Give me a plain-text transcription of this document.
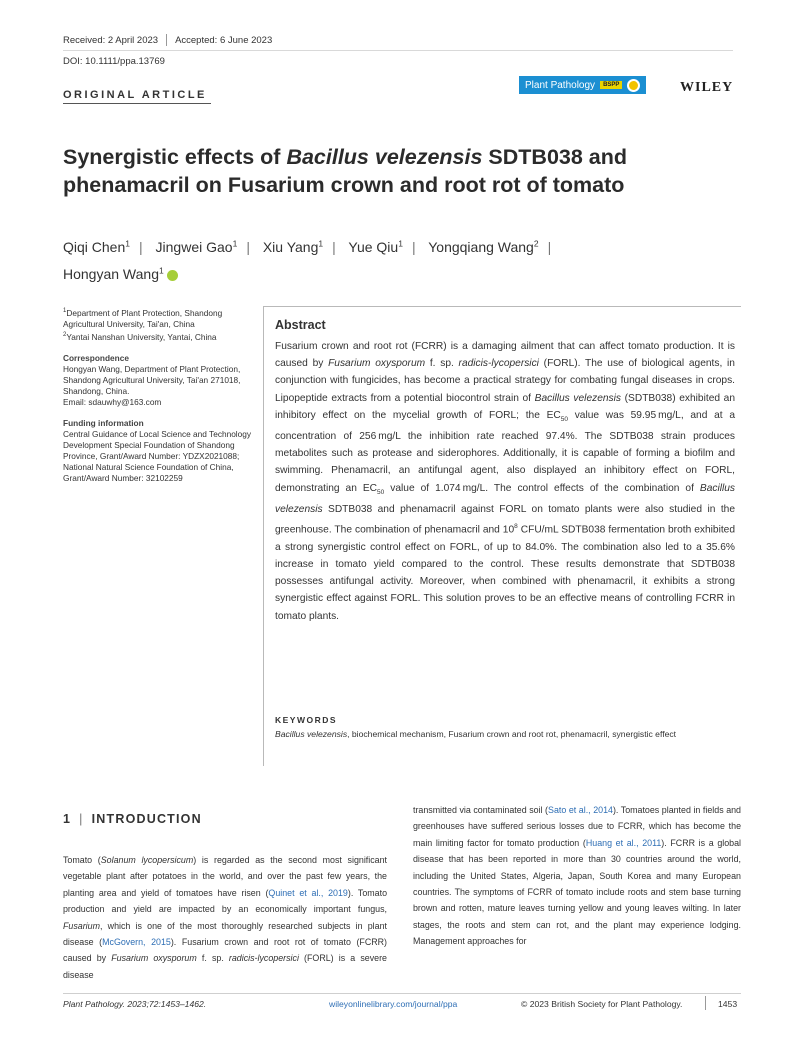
Received: 2 April 2023 Accepted: 6 June 2023
DOI: 10.1111/ppa.13769
ORIGINAL ARTICLE
Plant Pathology	BSPP	WILEY
Synergistic effects of Bacillus velezensis SDTB038 and phenamacril on Fusarium crown and root rot of tomato
Qiqi Chen$^1$ | Jingwei Gao$^1$ | Xiu Yang$^1$ | Yue Qiu$^1$ | Yongqiang Wang$^2$ |
Hongyan Wang$^1$

$^1$Department of Plant Protection, Shandong Agricultural University, Tai'an, China

$^2$Yantai Nanshan University, Yantai, China

Correspondence

Hongyan Wang, Department of Plant Protection, Shandong Agricultural University, Tai'an 271018, Shandong, China.

Email: sdauwhy@163.com

Funding information

Central Guidance of Local Science and Technology Development Special Foundation of Shandong Province, Grant/Award Number: YDZX2021088; National Natural Science Foundation of China, Grant/Award Number: 32102259

Abstract

Fusarium crown and root rot (FCRR) is a damaging ailment that can affect tomato production. It is caused by Fusarium oxysporum f. sp. radicis-lycopersici (FORL). The use of biological agents, in conjunction with fungicides, has become a practical strategy for combating fungal diseases in crops. Lipopeptide extracts from a potential biocontrol strain of Bacillus velezensis (SDTB038) exhibited an inhibitory effect on the mycelial growth of FORL; the $EC_{50}$ value was 59.95 mg/L, and at a concentration of 256 mg/L the inhibition rate reached 97.4%. The SDTB038 strain produces metabolites such as protease and siderophores. Additionally, it is capable of forming a biofilm and swimming. Phenamacril, an antifungal agent, also displayed an inhibitory effect on FORL, demonstrating an $EC_{50}$ value of 1.074 mg/L. The control effects of the combination of Bacillus velezensis SDTB038 and phenamacril against FORL on tomato plants were also studied in the greenhouse. The combination of phenamacril and $10^8$ CFU/mL SDTB038 fermentation broth exhibited a strong synergistic control effect on FORL, of up to 84.0%. The combination also led to a 35.6% increase in tomato yield compared to the control. These results demonstrate that SDTB038 possesses antifungal activity. Moreover, when combined with phenamacril, it exhibits a strong synergistic effect against FORL. This solution proves to be an effective means of controlling FCRR in tomato plants.

KEYWORDS
Bacillus velezensis, biochemical mechanism, Fusarium crown and root rot, phenamacril, synergistic effect
1 | INTRODUCTION

Tomato (Solanum lycopersicum) is regarded as the second most significant vegetable plant after potatoes in the world, and over the past few years, the planting area and yield of tomatoes have risen (Quinet et al., 2019). Tomato production and yield are impacted by an economically important fungus, Fusarium, which is one of the most thoroughly researched subjects in plant disease (McGovern, 2015). Fusarium crown and root rot of tomato (FCRR) caused by Fusarium oxysporum f. sp. radicis-lycopersici (FORL) is a severe disease

transmitted via contaminated soil (Sato et al., 2014). Tomatoes planted in fields and greenhouses have suffered serious losses due to FCRR, which has become the main limiting factor for tomato production (Huang et al., 2011). FCRR is a global disease that has been reported in more than 30 countries around the world, including the United States, Algeria, Japan, South Korea and many European countries. The symptoms of FCRR of tomato include roots and stem base turning brown and rotten, mature leaves turning yellow and young leaves wilting. In later stages, the roots and stem can rot, and the plant may experience lodging. Management approaches for

Plant Pathology. 2023;72:1453–1462.	wileyonlinelibrary.com/journal/ppa	© 2023 British Society for Plant Pathology.	1453
